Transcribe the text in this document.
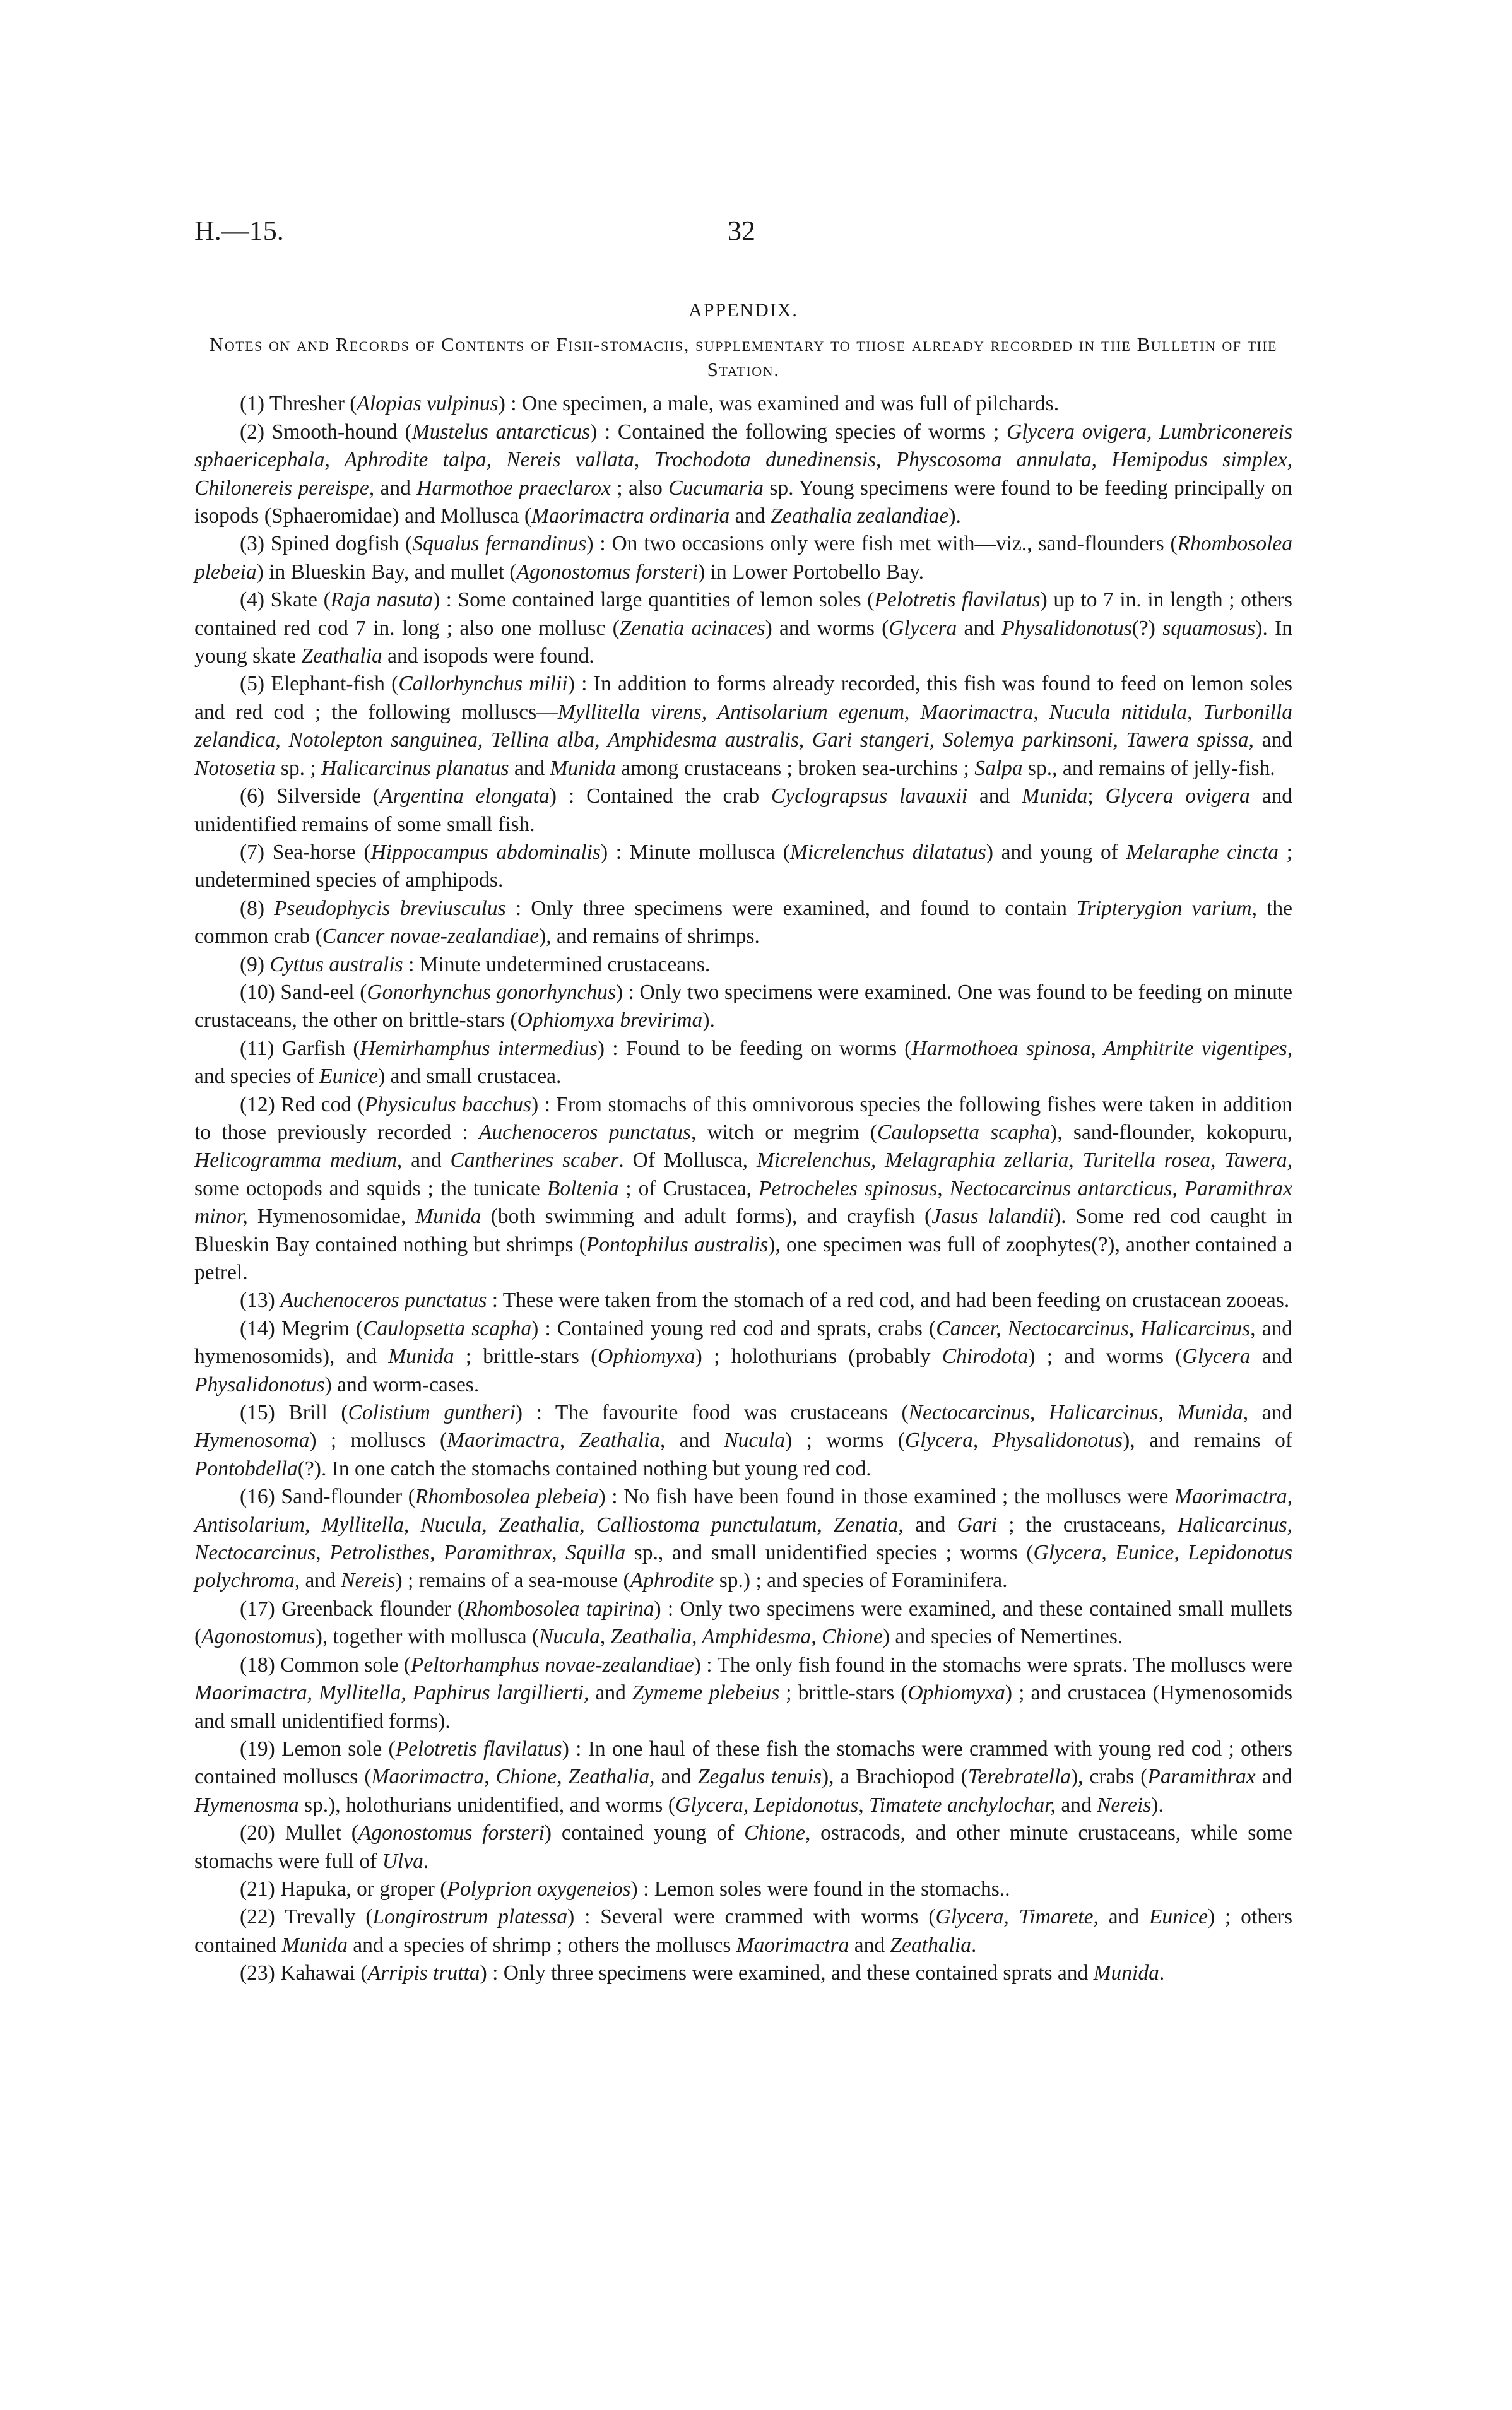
H.—15.	32
APPENDIX.
Notes on and Records of Contents of Fish-stomachs, supplementary to those already recorded in the Bulletin of the Station.

(1) Thresher (Alopias vulpinus) : One specimen, a male, was examined and was full of pilchards.

(2) Smooth-hound (Mustelus antarcticus) : Contained the following species of worms ; Glycera ovigera, Lumbriconereis sphaericephala, Aphrodite talpa, Nereis vallata, Trochodota dunedinensis, Physcosoma annulata, Hemipodus simplex, Chilonereis pereispe, and Harmothoe praeclarox ; also Cucumaria sp. Young specimens were found to be feeding principally on isopods (Sphaeromidae) and Mollusca (Maorimactra ordinaria and Zeathalia zealandiae).

(3) Spined dogfish (Squalus fernandinus) : On two occasions only were fish met with—viz., sand-flounders (Rhombosolea plebeia) in Blueskin Bay, and mullet (Agonostomus forsteri) in Lower Portobello Bay.

(4) Skate (Raja nasuta) : Some contained large quantities of lemon soles (Pelotretis flavilatus) up to 7 in. in length ; others contained red cod 7 in. long ; also one mollusc (Zenatia acinaces) and worms (Glycera and Physalidonotus(?) squamosus). In young skate Zeathalia and isopods were found.

(5) Elephant-fish (Callorhynchus milii) : In addition to forms already recorded, this fish was found to feed on lemon soles and red cod ; the following molluscs—Myllitella virens, Antisolarium egenum, Maorimactra, Nucula nitidula, Turbonilla zelandica, Notolepton sanguinea, Tellina alba, Amphidesma australis, Gari stangeri, Solemya parkinsoni, Tawera spissa, and Notosetia sp. ; Halicarcinus planatus and Munida among crustaceans ; broken sea-urchins ; Salpa sp., and remains of jelly-fish.

(6) Silverside (Argentina elongata) : Contained the crab Cyclograpsus lavauxii and Munida; Glycera ovigera and unidentified remains of some small fish.

(7) Sea-horse (Hippocampus abdominalis) : Minute mollusca (Micrelenchus dilatatus) and young of Melaraphe cincta ; undetermined species of amphipods.

(8) Pseudophycis breviusculus : Only three specimens were examined, and found to contain Tripterygion varium, the common crab (Cancer novae-zealandiae), and remains of shrimps.

(9) Cyttus australis : Minute undetermined crustaceans.

(10) Sand-eel (Gonorhynchus gonorhynchus) : Only two specimens were examined. One was found to be feeding on minute crustaceans, the other on brittle-stars (Ophiomyxa brevirima).

(11) Garfish (Hemirhamphus intermedius) : Found to be feeding on worms (Harmothoea spinosa, Amphitrite vigentipes, and species of Eunice) and small crustacea.

(12) Red cod (Physiculus bacchus) : From stomachs of this omnivorous species the following fishes were taken in addition to those previously recorded : Auchenoceros punctatus, witch or megrim (Caulopsetta scapha), sand-flounder, kokopuru, Helicogramma medium, and Cantherines scaber. Of Mollusca, Micrelenchus, Melagraphia zellaria, Turitella rosea, Tawera, some octopods and squids ; the tunicate Boltenia ; of Crustacea, Petrocheles spinosus, Nectocarcinus antarcticus, Paramithrax minor, Hymenosomidae, Munida (both swimming and adult forms), and crayfish (Jasus lalandii). Some red cod caught in Blueskin Bay contained nothing but shrimps (Pontophilus australis), one specimen was full of zoophytes(?), another contained a petrel.

(13) Auchenoceros punctatus : These were taken from the stomach of a red cod, and had been feeding on crustacean zooeas.

(14) Megrim (Caulopsetta scapha) : Contained young red cod and sprats, crabs (Cancer, Nectocarcinus, Halicarcinus, and hymenosomids), and Munida ; brittle-stars (Ophiomyxa) ; holothurians (probably Chirodota) ; and worms (Glycera and Physalidonotus) and worm-cases.

(15) Brill (Colistium guntheri) : The favourite food was crustaceans (Nectocarcinus, Halicarcinus, Munida, and Hymenosoma) ; molluscs (Maorimactra, Zeathalia, and Nucula) ; worms (Glycera, Physalidonotus), and remains of Pontobdella(?). In one catch the stomachs contained nothing but young red cod.

(16) Sand-flounder (Rhombosolea plebeia) : No fish have been found in those examined ; the molluscs were Maorimactra, Antisolarium, Myllitella, Nucula, Zeathalia, Calliostoma punctulatum, Zenatia, and Gari ; the crustaceans, Halicarcinus, Nectocarcinus, Petrolisthes, Paramithrax, Squilla sp., and small unidentified species ; worms (Glycera, Eunice, Lepidonotus polychroma, and Nereis) ; remains of a sea-mouse (Aphrodite sp.) ; and species of Foraminifera.

(17) Greenback flounder (Rhombosolea tapirina) : Only two specimens were examined, and these contained small mullets (Agonostomus), together with mollusca (Nucula, Zeathalia, Amphidesma, Chione) and species of Nemertines.

(18) Common sole (Peltorhamphus novae-zealandiae) : The only fish found in the stomachs were sprats. The molluscs were Maorimactra, Myllitella, Paphirus largillierti, and Zymeme plebeius ; brittle-stars (Ophiomyxa) ; and crustacea (Hymenosomids and small unidentified forms).

(19) Lemon sole (Pelotretis flavilatus) : In one haul of these fish the stomachs were crammed with young red cod ; others contained molluscs (Maorimactra, Chione, Zeathalia, and Zegalus tenuis), a Brachiopod (Terebratella), crabs (Paramithrax and Hymenosma sp.), holothurians unidentified, and worms (Glycera, Lepidonotus, Timatete anchylochar, and Nereis).

(20) Mullet (Agonostomus forsteri) contained young of Chione, ostracods, and other minute crustaceans, while some stomachs were full of Ulva.

(21) Hapuka, or groper (Polyprion oxygeneios) : Lemon soles were found in the stomachs..

(22) Trevally (Longirostrum platessa) : Several were crammed with worms (Glycera, Timarete, and Eunice) ; others contained Munida and a species of shrimp ; others the molluscs Maorimactra and Zeathalia.

(23) Kahawai (Arripis trutta) : Only three specimens were examined, and these contained sprats and Munida.
